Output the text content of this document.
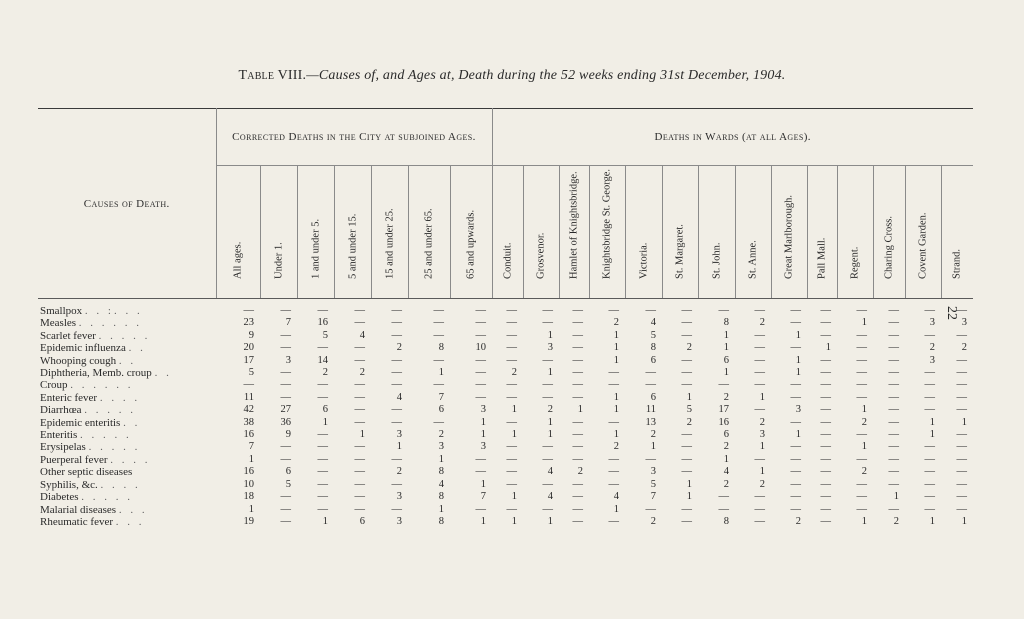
Table VIII.—Causes of, and Ages at, Death during the 52 weeks ending 31st December, 1904.
22
Causes of Death.	Corrected Deaths in the City at subjoined Ages.							Deaths in Wards (at all Ages).													

	All ages.	Under 1.	1 and under 5.	5 and under 15.	15 and under 25.	25 and under 65.	65 and upwards.	Conduit.	Grosvenor.	Hamlet of Knightsbridge.	Knightsbridge St. George.	Victoria.	St. Margaret.	St. John.	St. Anne.	Great Marlborough.	Pall Mall.	Regent.	Charing Cross.	Covent Garden.	Strand.

Smallpox . . :. . .	—	—	—	—	—	—	—	—	—	—	—	—	—	—	—	—	—	—	—	—	—
Measles . . . . . .	23	7	16	—	—	—	—	—	—	—	2	4	—	8	2	—	—	1	—	3	3
Scarlet fever . . . . .	9	—	5	4	—	—	—	—	1	—	1	5	—	1	—	1	—	—	—	—	—
Epidemic influenza . .	20	—	—	—	2	8	10	—	3	—	1	8	2	1	—	—	1	—	—	2	2
Whooping cough . .	17	3	14	—	—	—	—	—	—	—	1	6	—	6	—	1	—	—	—	3	—
Diphtheria, Memb. croup . .	5	—	2	2	—	1	—	2	1	—	—	—	—	1	—	1	—	—	—	—	—
Croup . . . . . .	—	—	—	—	—	—	—	—	—	—	—	—	—	—	—	—	—	—	—	—	—
Enteric fever . . . .	11	—	—	—	4	7	—	—	—	—	1	6	1	2	1	—	—	—	—	—	—
Diarrhœa . . . . .	42	27	6	—	—	6	3	1	2	1	1	11	5	17	—	3	—	1	—	—	—
Epidemic enteritis . .	38	36	1	—	—	—	1	—	1	—	—	13	2	16	2	—	—	2	—	1	1
Enteritis . . . . .	16	9	—	1	3	2	1	1	1	—	1	2	—	6	3	1	—	—	—	1	—
Erysipelas . . . . .	7	—	—	—	1	3	3	—	—	—	2	1	—	2	1	—	—	1	—	—	—
Puerperal fever . . . .	1	—	—	—	—	1	—	—	—	—	—	—	—	1	—	—	—	—	—	—	—
Other septic diseases	16	6	—	—	2	8	—	—	4	2	—	3	—	4	1	—	—	2	—	—	—
Syphilis, &c. . . . .	10	5	—	—	—	4	1	—	—	—	—	5	1	2	2	—	—	—	—	—	—
Diabetes . . . . .	18	—	—	—	3	8	7	1	4	—	4	7	1	—	—	—	—	—	1	—	—
Malarial diseases . . .	1	—	—	—	—	1	—	—	—	—	1	—	—	—	—	—	—	—	—	—	—
Rheumatic fever . . .	19	—	1	6	3	8	1	1	1	—	—	2	—	8	—	2	—	1	2	1	1
